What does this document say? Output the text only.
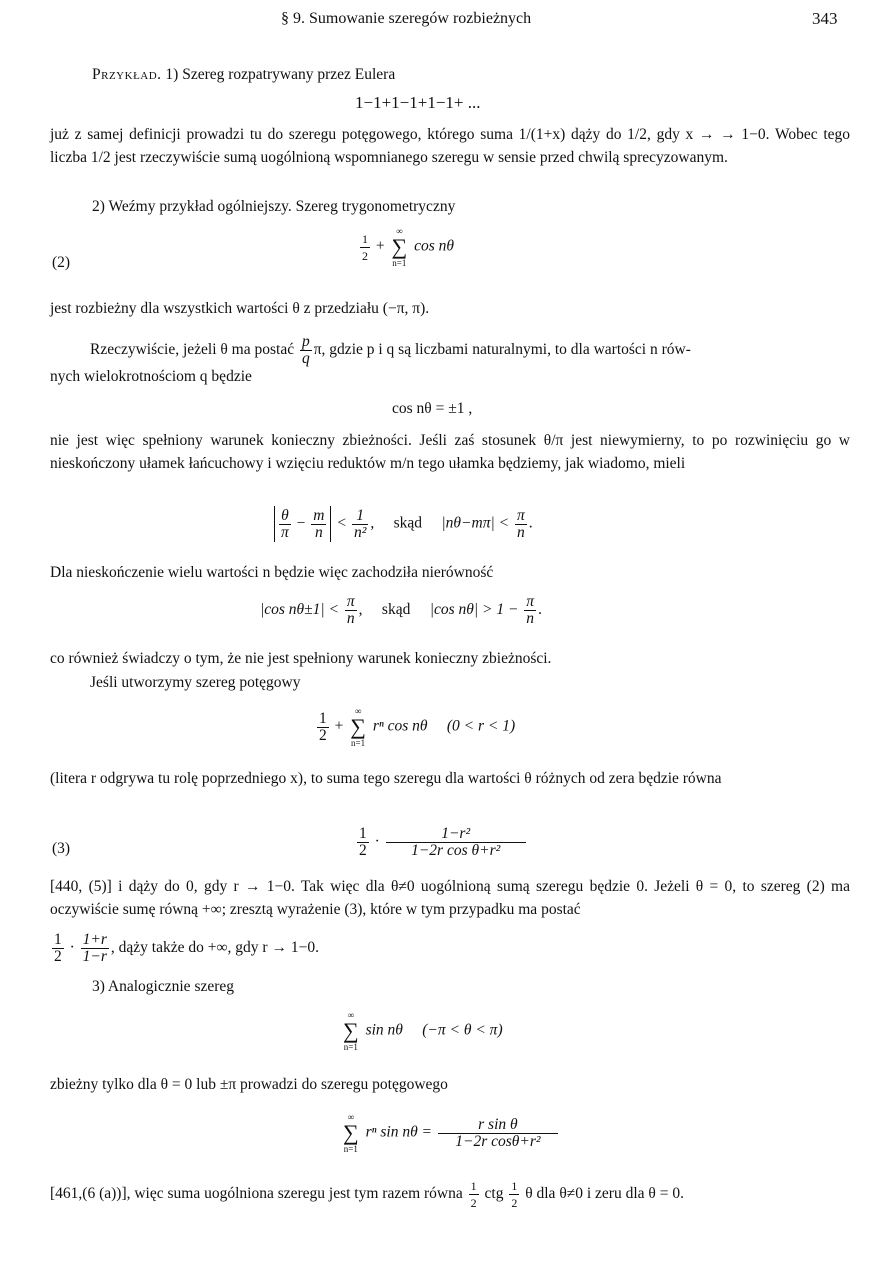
§ 9. Sumowanie szeregów rozbieżnych	343
Przykład. 1) Szereg rozpatrywany przez Eulera
1−1+1−1+1−1+ ...
już z samej definicji prowadzi tu do szeregu potęgowego, którego suma 1/(1+x) dąży do 1/2, gdy x → → 1−0. Wobec tego liczba 1/2 jest rzeczywiście sumą uogólnioną wspomnianego szeregu w sensie przed chwilą sprecyzowanym.
2) Weźmy przykład ogólniejszy. Szereg trygonometryczny
(2)	$\frac{1}{2}$ +
∞
∑
n=1
cos nθ
jest rozbieżny dla wszystkich wartości θ z przedziału (−π, π).
Rzeczywiście, jeżeli θ ma postać $\frac{p}{q} \pi$, gdzie p i q są liczbami naturalnymi, to dla wartości n rów-
nych wielokrotnościom q będzie
cos nθ = ±1 ,
nie jest więc spełniony warunek konieczny zbieżności. Jeśli zaś stosunek θ/π jest niewymierny, to po rozwinięciu go w nieskończony ułamek łańcuchowy i wzięciu reduktów m/n tego ułamka będziemy, jak wiadomo, mieli
$\frac{\theta}{\pi} - \frac{m}{n} < \frac{1}{\text{n²}}$ , skąd $|n\theta-m\pi| < \frac{\pi}{n}$ .
Dla nieskończenie wielu wartości n będzie więc zachodziła nierówność
|cos $n\theta\pm 1| < \frac{\pi}{n}$ , skąd |cos $n\theta| > 1 - \frac{\pi}{n}$ .
co również świadczy o tym, że nie jest spełniony warunek konieczny zbieżności.
Jeśli utworzymy szereg potęgowy
$\frac{1}{2}$ +
∞
∑
n=1
rⁿ cos nθ (0 < r < 1)
(litera r odgrywa tu rolę poprzedniego x), to suma tego szeregu dla wartości θ różnych od zera będzie równa
(3)	$\frac{1}{2} \cdot \frac{\text{1−r²}}{\text{1−2r cos θ+r²}}$
[440, (5)] i dąży do 0, gdy r → 1−0. Tak więc dla θ≠0 uogólnioną sumą szeregu będzie 0. Jeżeli θ = 0, to szereg (2) ma oczywiście sumę równą +∞; zresztą wyrażenie (3), które w tym przypadku ma postać
$\frac{1}{2} \cdot \frac{1+r}{1-r}$ , dąży także do +∞, gdy r → 1−0.
3) Analogicznie szereg
∞
∑
n=1
sin nθ (−π < θ < π)
zbieżny tylko dla θ = 0 lub ±π prowadzi do szeregu potęgowego
∞
∑
n=1
rⁿ $\sin n\theta = \frac{\text{r sin θ}}{\text{1−2r cosθ+r²}}$
[461,(6 (a))], więc suma uogólniona szeregu jest tym razem równa $\frac{1}{2}$ ctg $\frac{1}{2}$ θ dla θ≠0 i zeru dla θ = 0.
